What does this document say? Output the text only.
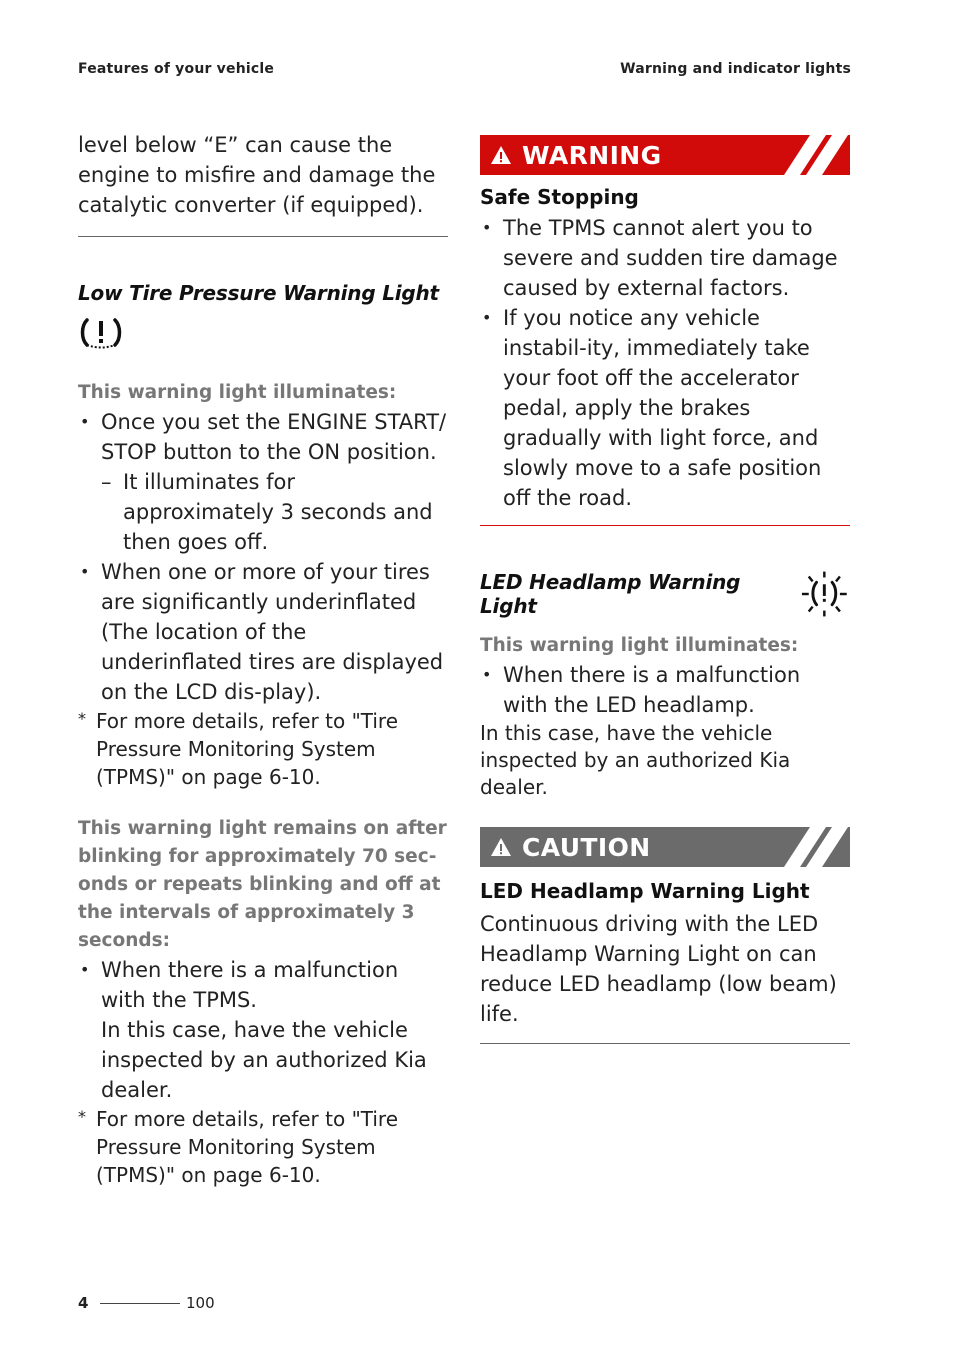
Features of your vehicle	Warning and indicator lights

level below “E” can cause the engine to misfire and damage the catalytic converter (if equipped).

Low Tire Pressure Warning Light

This warning light illuminates:

• Once you set the ENGINE START/ STOP button to the ON position.
– It illuminates for approximately 3 seconds and then goes off.
• When one or more of your tires are significantly underinflated (The location of the underinflated tires are displayed on the LCD dis-play).
* For more details, refer to "Tire Pressure Monitoring System (TPMS)" on page 6-10.

This warning light remains on after blinking for approximately 70 sec-onds or repeats blinking and off at the intervals of approximately 3 seconds:

• When there is a malfunction with the TPMS.
In this case, have the vehicle inspected by an authorized Kia dealer.
* For more details, refer to "Tire Pressure Monitoring System (TPMS)" on page 6-10.
WARNING

Safe Stopping

• The TPMS cannot alert you to severe and sudden tire damage caused by external factors.
• If you notice any vehicle instabil-ity, immediately take your foot off the accelerator pedal, apply the brakes gradually with light force, and slowly move to a safe position off the road.
LED Headlamp Warning Light

This warning light illuminates:

• When there is a malfunction with the LED headlamp.

In this case, have the vehicle inspected by an authorized Kia dealer.

CAUTION

LED Headlamp Warning Light

Continuous driving with the LED Headlamp Warning Light on can reduce LED headlamp (low beam) life.

4	100
